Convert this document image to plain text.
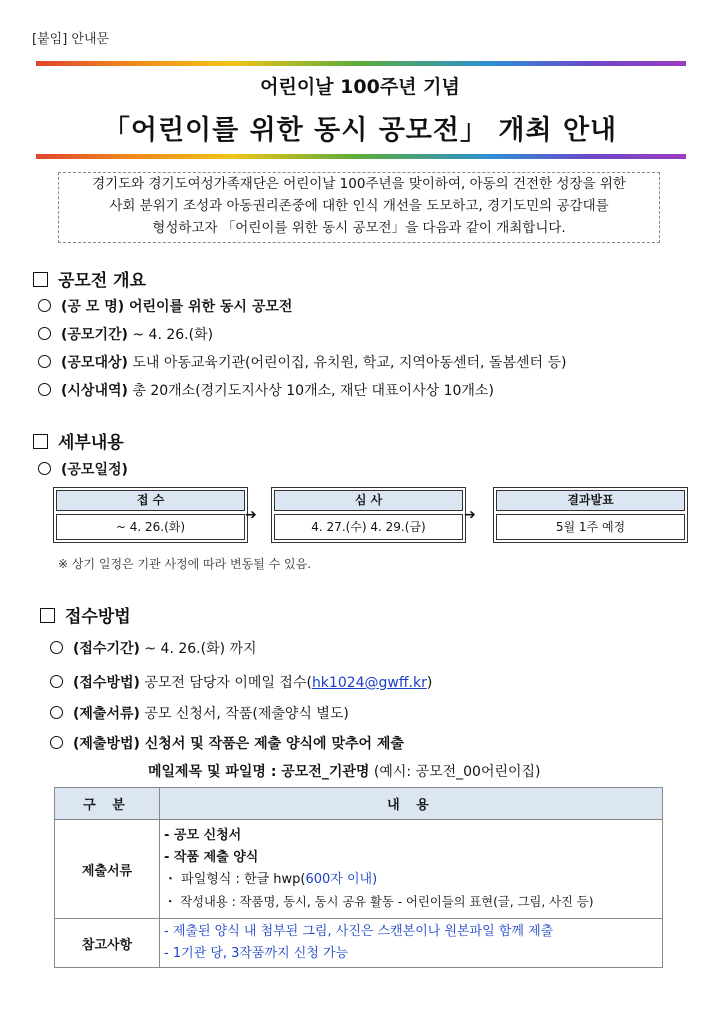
[붙임] 안내문
어린이날 100주년 기념
「어린이를 위한 동시 공모전」 개최 안내
경기도와 경기도여성가족재단은 어린이날 100주년을 맞이하여, 아동의 건전한 성장을 위한
사회 분위기 조성과 아동권리존중에 대한 인식 개선을 도모하고, 경기도민의 공감대를
형성하고자 「어린이를 위한 동시 공모전」을 다음과 같이 개최합니다.
공모전 개요
(공 모 명) 어린이를 위한 동시 공모전
(공모기간) ~ 4. 26.(화)
(공모대상) 도내 아동교육기관(어린이집, 유치원, 학교, 지역아동센터, 돌봄센터 등)
(시상내역) 총 20개소(경기도지사상 10개소, 재단 대표이사상 10개소)
세부내용
(공모일정)
접 수
~ 4. 26.(화)
➔
심 사
4. 27.(수) 4. 29.(금)
➔
결과발표
5월 1주 예정
※ 상기 일정은 기관 사정에 따라 변동될 수 있음.
접수방법
(접수기간) ~ 4. 26.(화) 까지
(접수방법) 공모전 담당자 이메일 접수(hk1024@gwff.kr)
(제출서류) 공모 신청서, 작품(제출양식 별도)
(제출방법) 신청서 및 작품은 제출 양식에 맞추어 제출
메일제목 및 파일명 : 공모전_기관명 (예시: 공모전_00어린이집)
구 분	내 용
제출서류	- 공모 신청서
- 작품 제출 양식
・ 파일형식 : 한글 hwp(600자 이내)
・ 작성내용 : 작품명, 동시, 동시 공유 활동 - 어린이들의 표현(글, 그림, 사진 등)

참고사항	- 제출된 양식 내 첨부된 그림, 사진은 스캔본이나 원본파일 함께 제출
- 1기관 당, 3작품까지 신청 가능
